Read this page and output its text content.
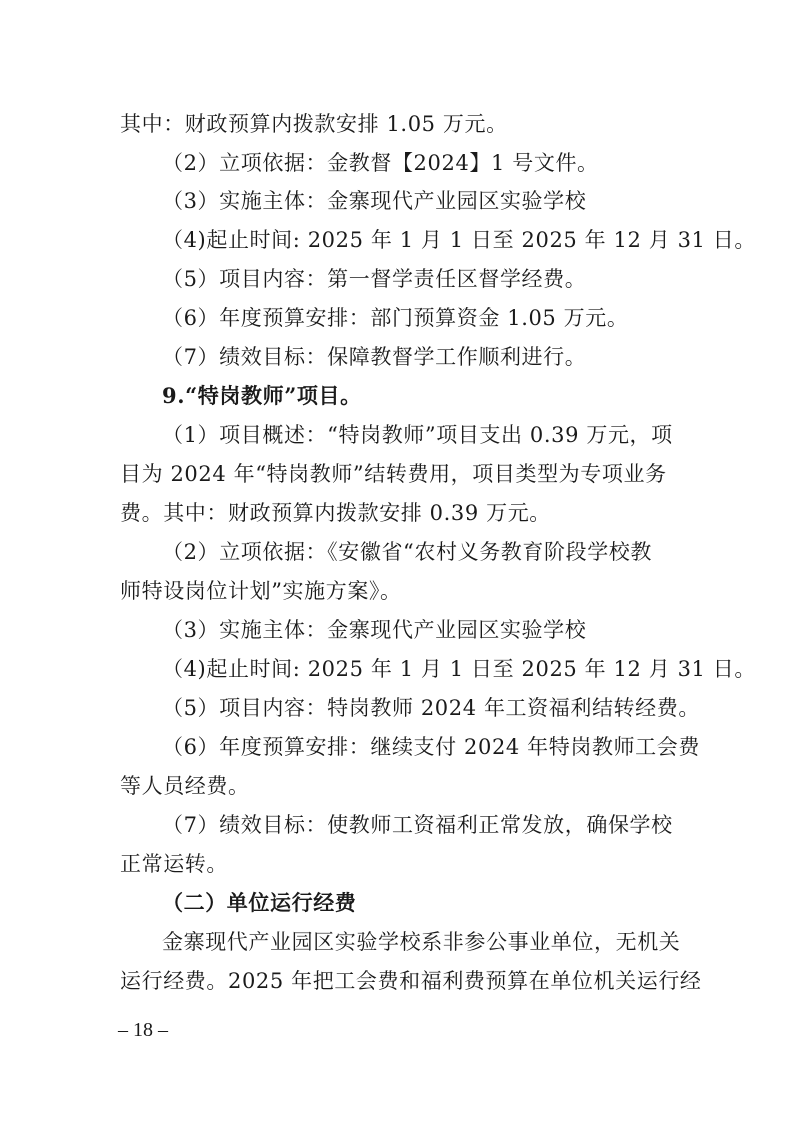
其中：财政预算内拨款安排 1.05 万元。
（2）立项依据：金教督【2024】1 号文件。
（3）实施主体：金寨现代产业园区实验学校
（4)起止时间: 2025 年 1 月 1 日至 2025 年 12 月 31 日。
（5）项目内容：第一督学责任区督学经费。
（6）年度预算安排：部门预算资金 1.05 万元。
（7）绩效目标：保障教督学工作顺利进行。
9.“特岗教师”项目。
（1）项目概述：“特岗教师”项目支出 0.39 万元，项
目为 2024 年“特岗教师”结转费用，项目类型为专项业务
费。其中：财政预算内拨款安排 0.39 万元。
（2）立项依据：《安徽省“农村义务教育阶段学校教
师特设岗位计划”实施方案》。
（3）实施主体：金寨现代产业园区实验学校
（4)起止时间: 2025 年 1 月 1 日至 2025 年 12 月 31 日。
（5）项目内容：特岗教师 2024 年工资福利结转经费。
（6）年度预算安排：继续支付 2024 年特岗教师工会费
等人员经费。
（7）绩效目标：使教师工资福利正常发放，确保学校
正常运转。
（二）单位运行经费
金寨现代产业园区实验学校系非参公事业单位，无机关
运行经费。2025 年把工会费和福利费预算在单位机关运行经
– 18 –
